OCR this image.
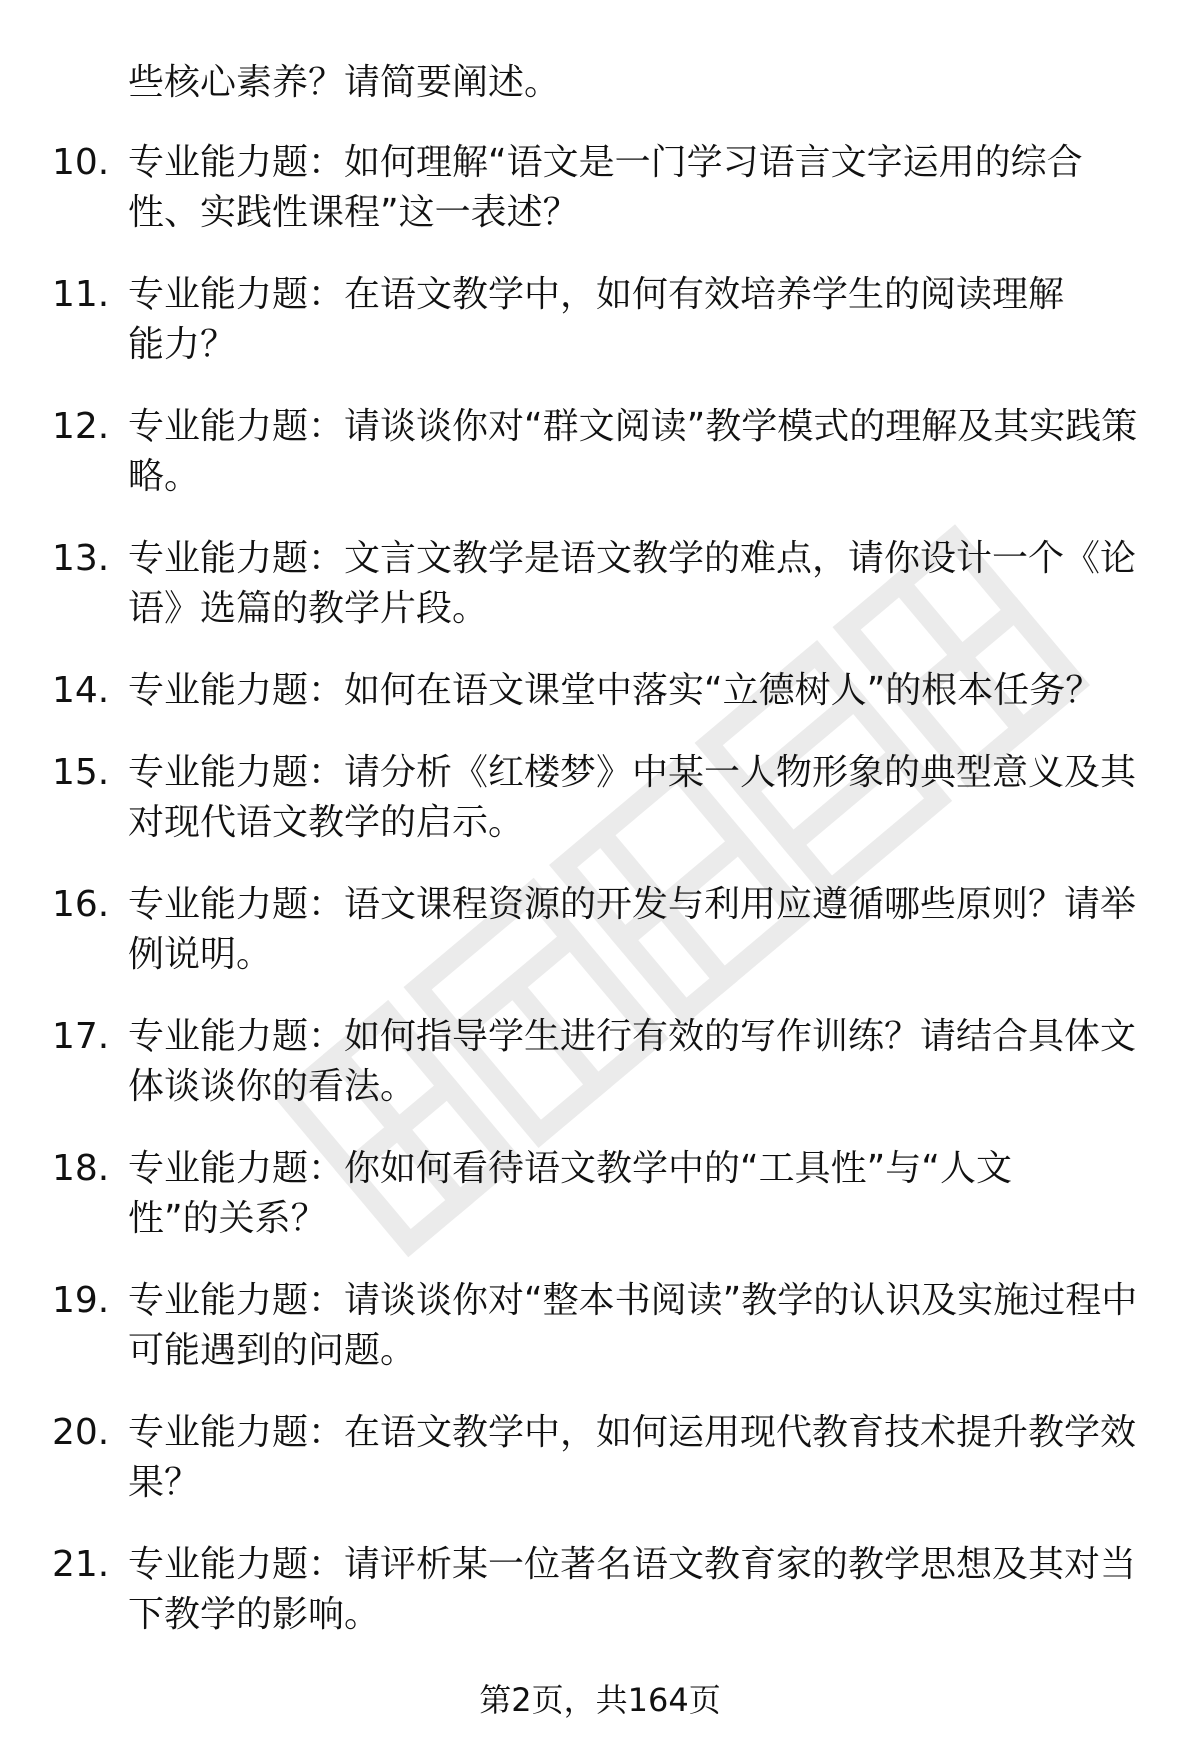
些核心素养？请简要阐述。

10. 专业能力题：如何理解“语文是一门学习语言文字运用的综合性、实践性课程”这一表述？
11. 专业能力题：在语文教学中，如何有效培养学生的阅读理解能力？
12. 专业能力题：请谈谈你对“群文阅读”教学模式的理解及其实践策略。
13. 专业能力题：文言文教学是语文教学的难点，请你设计一个《论语》选篇的教学片段。
14. 专业能力题：如何在语文课堂中落实“立德树人”的根本任务？
15. 专业能力题：请分析《红楼梦》中某一人物形象的典型意义及其对现代语文教学的启示。
16. 专业能力题：语文课程资源的开发与利用应遵循哪些原则？请举例说明。
17. 专业能力题：如何指导学生进行有效的写作训练？请结合具体文体谈谈你的看法。
18. 专业能力题：你如何看待语文教学中的“工具性”与“人文性”的关系？
19. 专业能力题：请谈谈你对“整本书阅读”教学的认识及实施过程中可能遇到的问题。
20. 专业能力题：在语文教学中，如何运用现代教育技术提升教学效果？
21. 专业能力题：请评析某一位著名语文教育家的教学思想及其对当下教学的影响。

第2页，共164页
